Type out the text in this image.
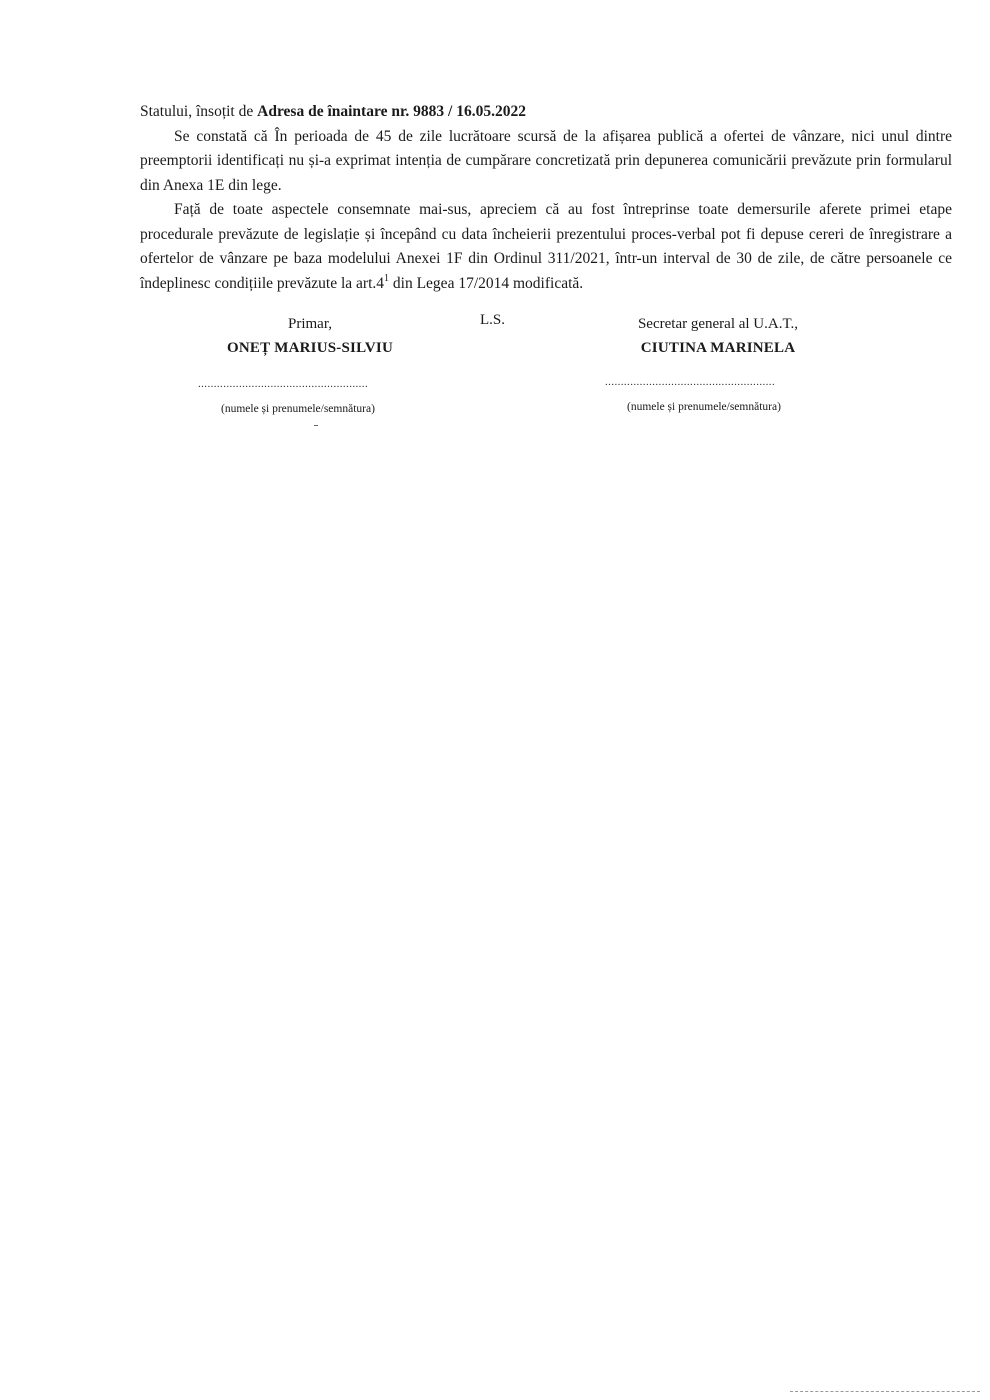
Statului, însoțit de Adresa de înaintare nr. 9883 / 16.05.2022

Se constată că În perioada de 45 de zile lucrătoare scursă de la afișarea publică a ofertei de vânzare, nici unul dintre preemptorii identificați nu și-a exprimat intenția de cumpărare concretizată prin depunerea comunicării prevăzute prin formularul din Anexa 1E din lege.

Față de toate aspectele consemnate mai-sus, apreciem că au fost întreprinse toate demersurile aferete primei etape procedurale prevăzute de legislație și începând cu data încheierii prezentului proces-verbal pot fi depuse cereri de înregistrare a ofertelor de vânzare pe baza modelului Anexei 1F din Ordinul 311/2021, într-un interval de 30 de zile, de către persoanele ce îndeplinesc condițiile prevăzute la $art.4^1$ din Legea 17/2014 modificată.

Primar,
ONEȚ MARIUS-SILVIU
L.S.	Secretar general al U.A.T.,
CIUTINA MARINELA
......................................................	......................................................
(numele și prenumele/semnătura)	(numele și prenumele/semnătura)
